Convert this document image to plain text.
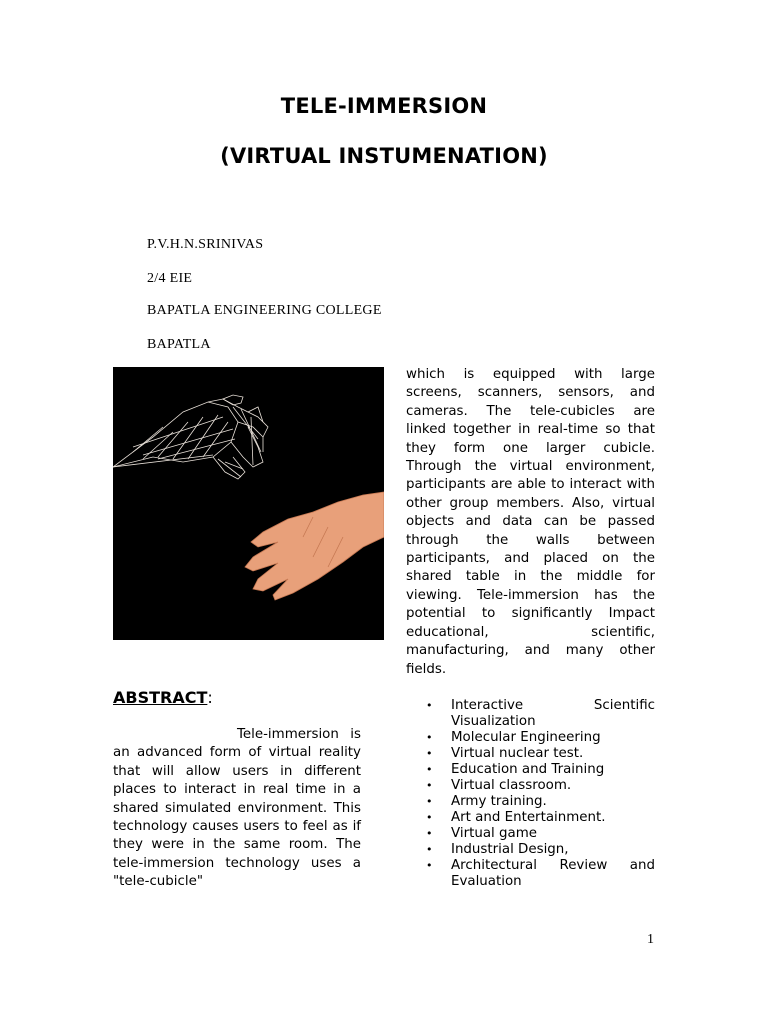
TELE-IMMERSION
(VIRTUAL INSTUMENATION)
P.V.H.N.SRINIVAS
2/4 EIE
BAPATLA ENGINEERING COLLEGE
BAPATLA
which is equipped with large screens, scanners, sensors, and cameras. The tele-cubicles are linked together in real-time so that they form one larger cubicle. Through the virtual environment, participants are able to interact with other group members. Also, virtual objects and data can be passed through the walls between participants, and placed on the shared table in the middle for viewing. Tele-immersion has the potential to significantly Impact educational, scientific, manufacturing, and many other fields.
ABSTRACT:
Tele-immersion is an advanced form of virtual reality that will allow users in different places to interact in real time in a shared simulated environment. This technology causes users to feel as if they were in the same room. The tele-immersion technology uses a "tele-cubicle"
• Interactive Scientific Visualization
• Molecular Engineering
• Virtual nuclear test.
• Education and Training
• Virtual classroom.
• Army training.
• Art and Entertainment.
• Virtual game
• Industrial Design,
• Architectural Review and Evaluation
1
